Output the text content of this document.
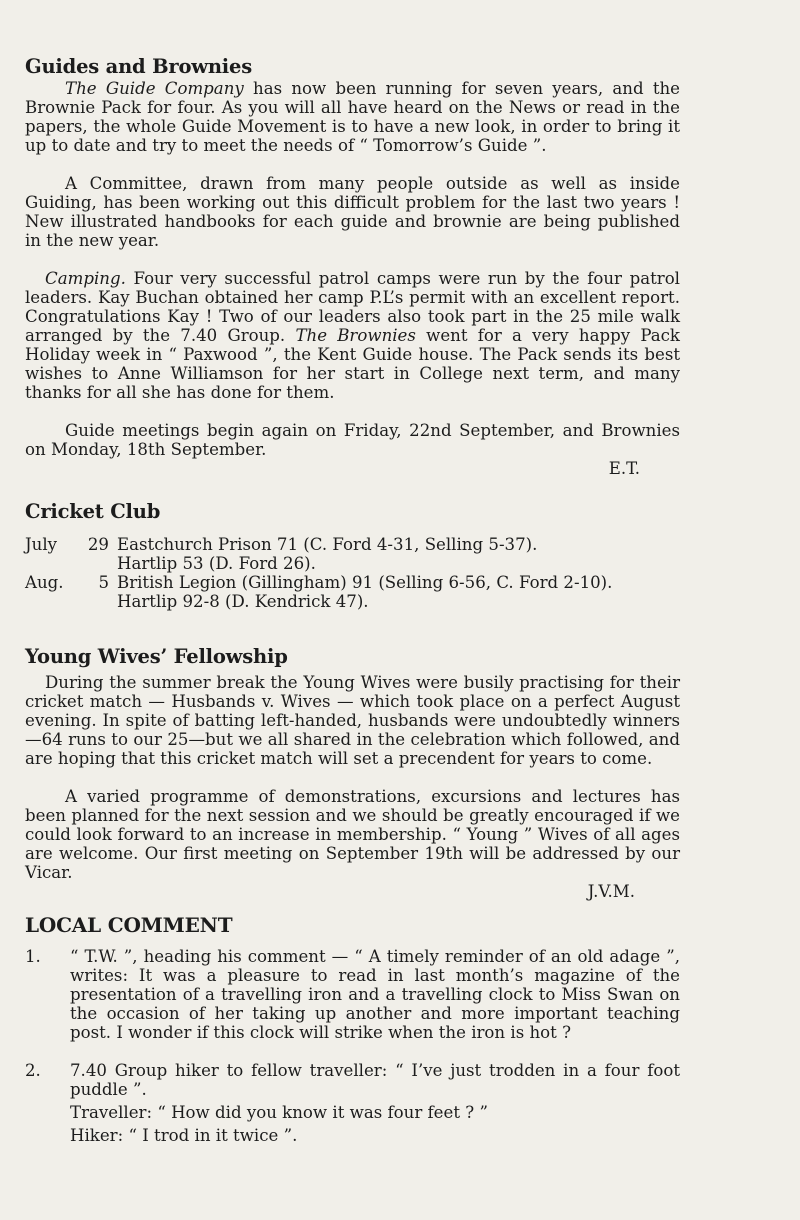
Guides and Brownies

The Guide Company has now been running for seven years, and the Brownie Pack for four. As you will all have heard on the News or read in the papers, the whole Guide Movement is to have a new look, in order to bring it up to date and try to meet the needs of “ Tomorrow’s Guide ”.

A Committee, drawn from many people outside as well as inside Guiding, has been working out this difficult problem for the last two years ! New illustrated handbooks for each guide and brownie are being published in the new year.

Camping. Four very successful patrol camps were run by the four patrol leaders. Kay Buchan obtained her camp P.L’s permit with an excellent report. Congratulations Kay ! Two of our leaders also took part in the 25 mile walk arranged by the 7.40 Group. The Brownies went for a very happy Pack Holiday week in “ Paxwood ”, the Kent Guide house. The Pack sends its best wishes to Anne Williamson for her start in College next term, and many thanks for all she has done for them.

Guide meetings begin again on Friday, 22nd September, and Brownies on Monday, 18th September.

E.T.

Cricket Club
July	29 Eastchurch Prison 71 (C. Ford 4-31, Selling 5-37).
Hartlip 53 (D. Ford 26).
Aug.	5 British Legion (Gillingham) 91 (Selling 6-56, C. Ford 2-10).
Hartlip 92-8 (D. Kendrick 47).
Young Wives’ Fellowship

During the summer break the Young Wives were busily practising for their cricket match — Husbands v. Wives — which took place on a perfect August evening. In spite of batting left-handed, husbands were undoubtedly winners—64 runs to our 25—but we all shared in the celebration which followed, and are hoping that this cricket match will set a precendent for years to come.

A varied programme of demonstrations, excursions and lectures has been planned for the next session and we should be greatly encouraged if we could look forward to an increase in membership. “ Young ” Wives of all ages are welcome. Our first meeting on September 19th will be addressed by our Vicar.

J.V.M.

LOCAL COMMENT
1.	“ T.W. ”, heading his comment — “ A timely reminder of an old adage ”, writes: It was a pleasure to read in last month’s magazine of the presentation of a travelling iron and a travelling clock to Miss Swan on the occasion of her taking up another and more important teaching post. I wonder if this clock will strike when the iron is hot ?

2.	7.40 Group hiker to fellow traveller: “ I’ve just trodden in a four foot puddle ”.

Traveller: “ How did you know it was four feet ? ”
Hiker: “ I trod in it twice ”.
